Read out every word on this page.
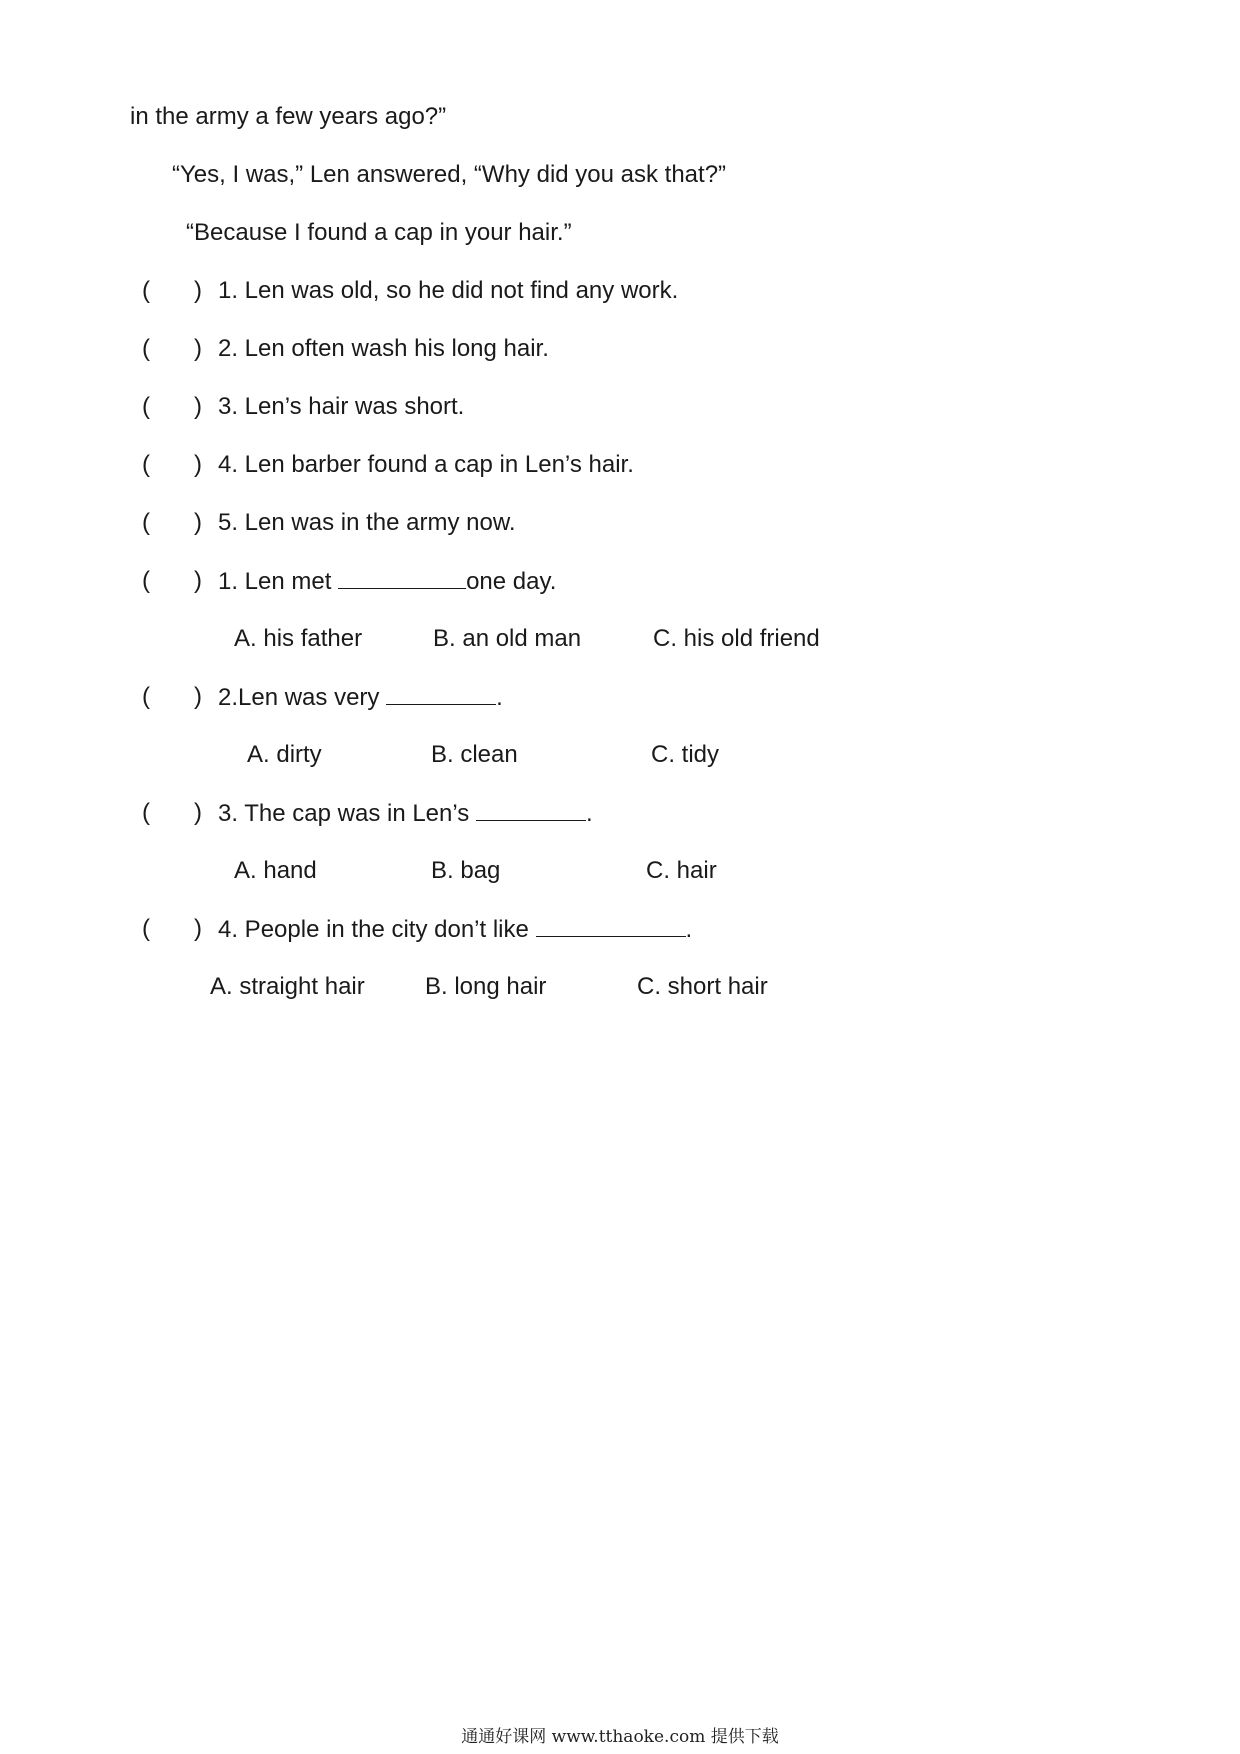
in the army a few years ago?”
“Yes, I was,” Len answered, “Why did you ask that?”
“Because I found a cap in your hair.”
( ) 1. Len was old, so he did not find any work.
( ) 2. Len often wash his long hair.
( ) 3. Len’s hair was short.
( ) 4. Len barber found a cap in Len’s hair.
( ) 5. Len was in the army now.
( ) 1. Len met	one day.
A. his father	B. an old man	C. his old friend
( ) 2.Len was very	.
A. dirty	B. clean	C. tidy
( ) 3. The cap was in Len’s	.
A. hand	B. bag	C. hair
( ) 4. People in the city don’t like	.
A. straight hair	B. long hair	C. short hair
通通好课网 www.tthaoke.com 提供下载
